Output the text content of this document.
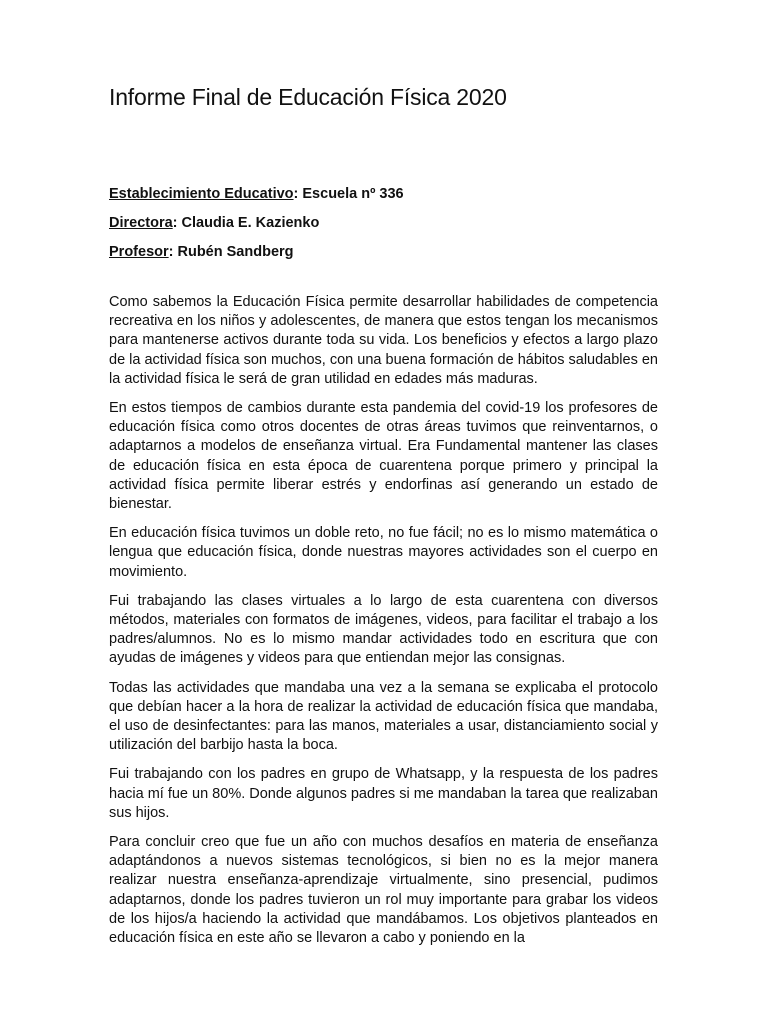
Informe Final de Educación Física 2020
Establecimiento Educativo: Escuela nº 336
Directora: Claudia E. Kazienko
Profesor: Rubén Sandberg

Como sabemos la Educación Física permite desarrollar habilidades de competencia recreativa en los niños y adolescentes, de manera que estos tengan los mecanismos para mantenerse activos durante toda su vida. Los beneficios y efectos a largo plazo de la actividad física son muchos, con una buena formación de hábitos saludables en la actividad física le será de gran utilidad en edades más maduras.

En estos tiempos de cambios durante esta pandemia del covid-19 los profesores de educación física como otros docentes de otras áreas tuvimos que reinventarnos, o adaptarnos a modelos de enseñanza virtual. Era Fundamental mantener las clases de educación física en esta época de cuarentena porque primero y principal la actividad física permite liberar estrés y endorfinas así generando un estado de bienestar.

En educación física tuvimos un doble reto, no fue fácil; no es lo mismo matemática o lengua que educación física, donde nuestras mayores actividades son el cuerpo en movimiento.

Fui trabajando las clases virtuales a lo largo de esta cuarentena con diversos métodos, materiales con formatos de imágenes, videos, para facilitar el trabajo a los padres/alumnos. No es lo mismo mandar actividades todo en escritura que con ayudas de imágenes y videos para que entiendan mejor las consignas.

Todas las actividades que mandaba una vez a la semana se explicaba el protocolo que debían hacer a la hora de realizar la actividad de educación física que mandaba, el uso de desinfectantes: para las manos, materiales a usar, distanciamiento social y utilización del barbijo hasta la boca.

Fui trabajando con los padres en grupo de Whatsapp, y la respuesta de los padres hacia mí fue un 80%. Donde algunos padres si me mandaban la tarea que realizaban sus hijos.

Para concluir creo que fue un año con muchos desafíos en materia de enseñanza adaptándonos a nuevos sistemas tecnológicos, si bien no es la mejor manera realizar nuestra enseñanza-aprendizaje virtualmente, sino presencial, pudimos adaptarnos, donde los padres tuvieron un rol muy importante para grabar los videos de los hijos/a haciendo la actividad que mandábamos. Los objetivos planteados en educación física en este año se llevaron a cabo y poniendo en la
